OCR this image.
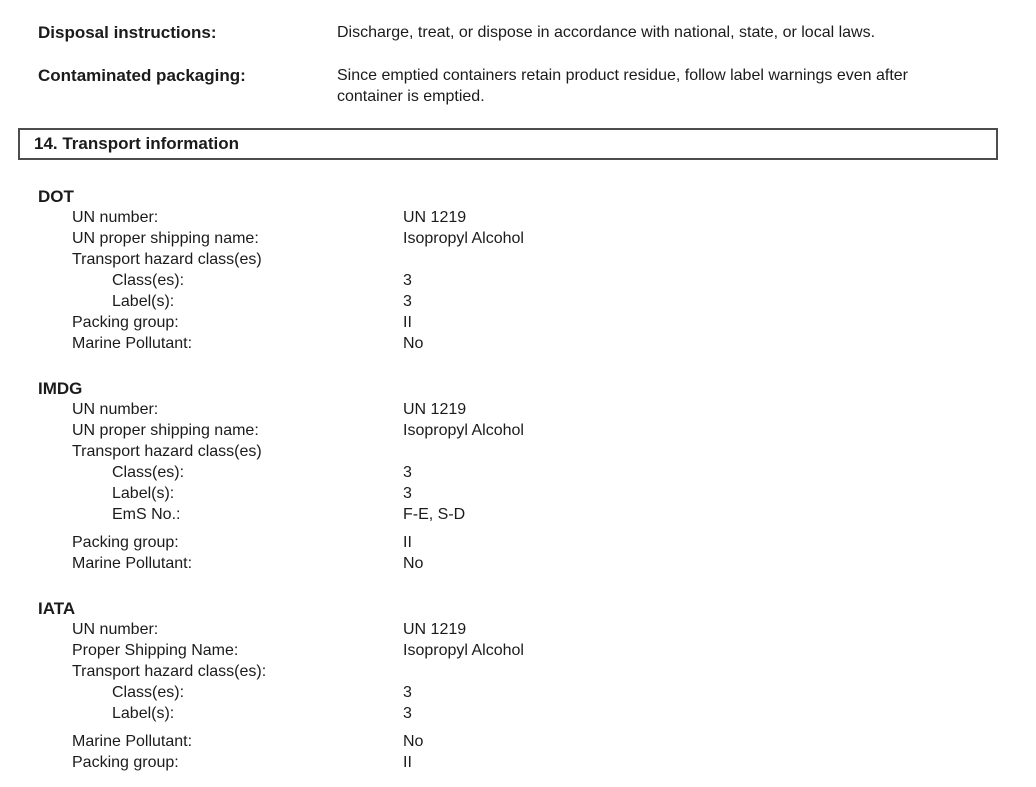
Disposal instructions:	Discharge, treat, or dispose in accordance with national, state, or local laws.
Contaminated packaging:	Since emptied containers retain product residue, follow label warnings even after container is emptied.
14. Transport information
DOT
UN number:	UN 1219
UN proper shipping name:	Isopropyl Alcohol
Transport hazard class(es)
Class(es):	3
Label(s):	3
Packing group:	II
Marine Pollutant:	No
IMDG
UN number:	UN 1219
UN proper shipping name:	Isopropyl Alcohol
Transport hazard class(es)
Class(es):	3
Label(s):	3
EmS No.:	F-E, S-D
Packing group:	II
Marine Pollutant:	No
IATA
UN number:	UN 1219
Proper Shipping Name:	Isopropyl Alcohol
Transport hazard class(es):
Class(es):	3
Label(s):	3
Marine Pollutant:	No
Packing group:	II
